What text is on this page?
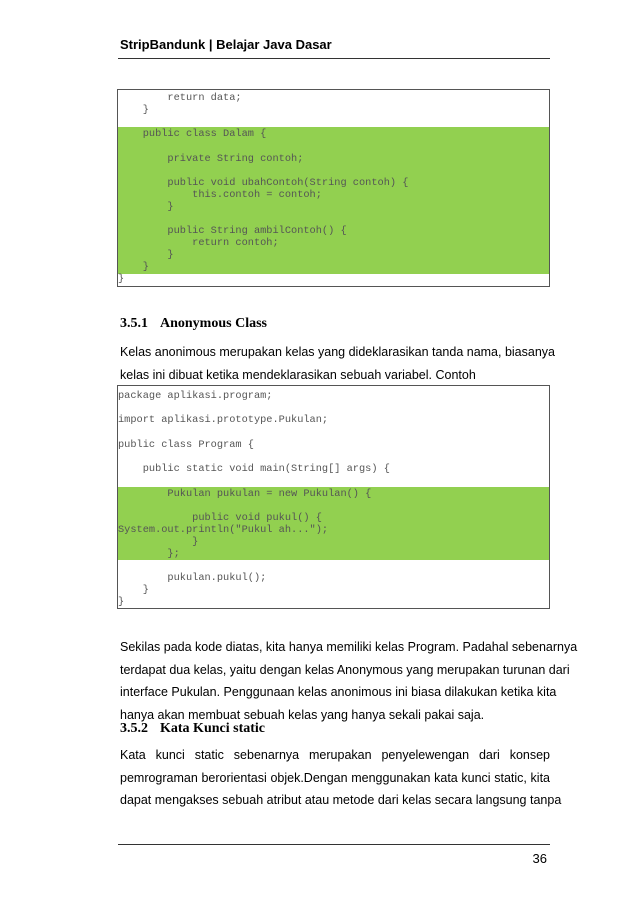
StripBandunk | Belajar Java Dasar
return data;
}
public class Dalam {
private String contoh;
public void ubahContoh(String contoh) {
this.contoh = contoh;
}
public String ambilContoh() {
return contoh;
}
}
}
3.5.1 Anonymous Class
Kelas anonimous merupakan kelas yang dideklarasikan tanda nama, biasanya
kelas ini dibuat ketika mendeklarasikan sebuah variabel. Contoh
package aplikasi.program;
import aplikasi.prototype.Pukulan;
public class Program {
public static void main(String[] args) {
Pukulan pukulan = new Pukulan() {
public void pukul() {
System.out.println("Pukul ah...");
}
};
pukulan.pukul();
}
}
Sekilas pada kode diatas, kita hanya memiliki kelas Program. Padahal sebenarnya
terdapat dua kelas, yaitu dengan kelas Anonymous yang merupakan turunan dari
interface Pukulan. Penggunaan kelas anonimous ini biasa dilakukan ketika kita
hanya akan membuat sebuah kelas yang hanya sekali pakai saja.
3.5.2 Kata Kunci static
Kata kunci static sebenarnya merupakan penyelewengan dari konsep
pemrograman berorientasi objek.Dengan menggunakan kata kunci static, kita
dapat mengakses sebuah atribut atau metode dari kelas secara langsung tanpa
36
